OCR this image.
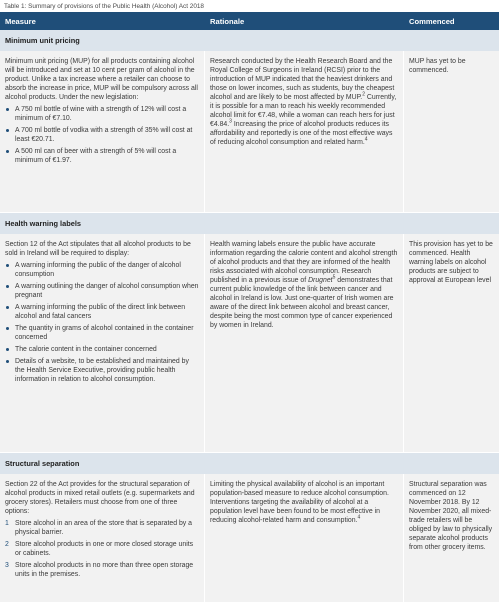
Table 1: Summary of provisions of the Public Health (Alcohol) Act 2018
Measure	Rationale	Commenced
Minimum unit pricing

Minimum unit pricing (MUP) for all products containing alcohol will be introduced and set at 10 cent per gram of alcohol in the product. Unlike a tax increase where a retailer can choose to absorb the increase in price, MUP will be compulsory across all alcohol products. Under the new legislation:

A 750 ml bottle of wine with a strength of 12% will cost a minimum of €7.10.
A 700 ml bottle of vodka with a strength of 35% will cost at least €20.71.
A 500 ml can of beer with a strength of 5% will cost a minimum of €1.97.

Research conducted by the Health Research Board and the Royal College of Surgeons in Ireland (RCSI) prior to the introduction of MUP indicated that the heaviest drinkers and those on lower incomes, such as students, buy the cheapest alcohol and are likely to be most affected by MUP.$^2$ Currently, it is possible for a man to reach his weekly recommended alcohol limit for €7.48, while a woman can reach hers for just €4.84.$^3$ Increasing the price of alcohol products reduces its affordability and reportedly is one of the most effective ways of reducing alcohol consumption and related harm.$^4$

MUP has yet to be commenced.

Health warning labels

Section 12 of the Act stipulates that all alcohol products to be sold in Ireland will be required to display:

A warning informing the public of the danger of alcohol consumption
A warning outlining the danger of alcohol consumption when pregnant
A warning informing the public of the direct link between alcohol and fatal cancers
The quantity in grams of alcohol contained in the container concerned
The calorie content in the container concerned
Details of a website, to be established and maintained by the Health Service Executive, providing public health information in relation to alcohol consumption.

Health warning labels ensure the public have accurate information regarding the calorie content and alcohol strength of alcohol products and that they are informed of the health risks associated with alcohol consumption. Research published in a previous issue of Drugnet$^5$ demonstrates that current public knowledge of the link between cancer and alcohol in Ireland is low. Just one-quarter of Irish women are aware of the direct link between alcohol and breast cancer, despite being the most common type of cancer experienced by women in Ireland.

This provision has yet to be commenced. Health warning labels on alcohol products are subject to approval at European level

Structural separation

Section 22 of the Act provides for the structural separation of alcohol products in mixed retail outlets (e.g. supermarkets and grocery stores). Retailers must choose from one of three options:

1 Store alcohol in an area of the store that is separated by a physical barrier.
2 Store alcohol products in one or more closed storage units or cabinets.
3 Store alcohol products in no more than three open storage units in the premises.

Limiting the physical availability of alcohol is an important population-based measure to reduce alcohol consumption. Interventions targeting the availability of alcohol at a population level have been found to be most effective in reducing alcohol-related harm and consumption.$^4$

Structural separation was commenced on 12 November 2018. By 12 November 2020, all mixed-trade retailers will be obliged by law to physically separate alcohol products from other grocery items.
